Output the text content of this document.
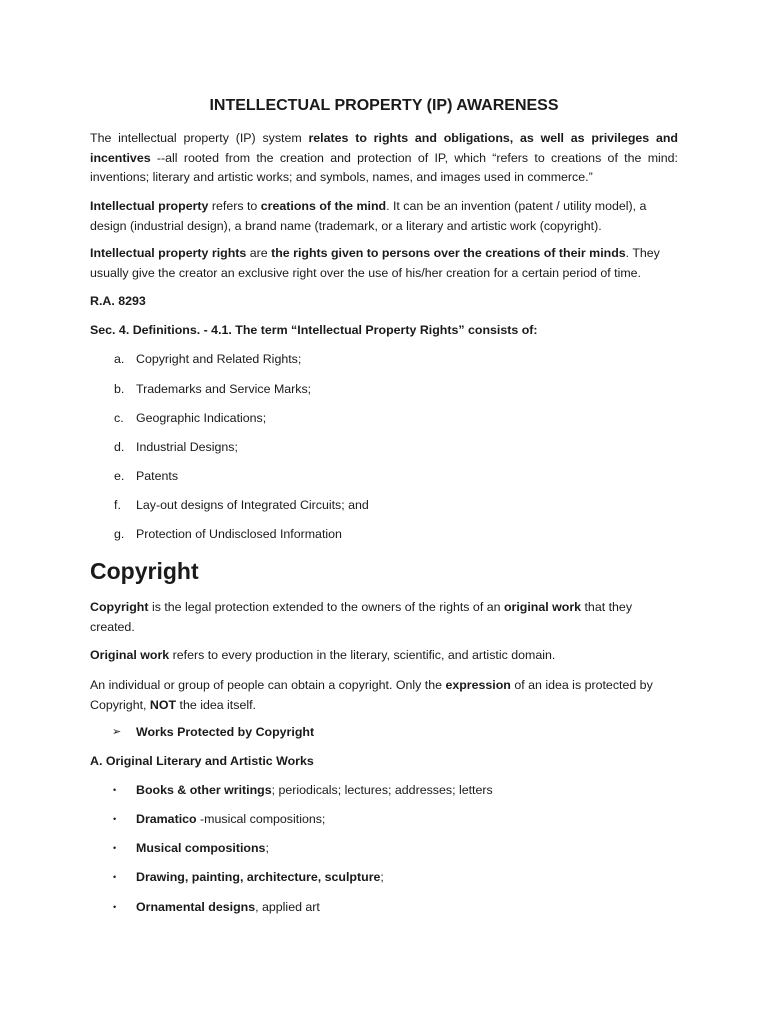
INTELLECTUAL PROPERTY (IP) AWARENESS

The intellectual property (IP) system relates to rights and obligations, as well as privileges and incentives --all rooted from the creation and protection of IP, which “refers to creations of the mind: inventions; literary and artistic works; and symbols, names, and images used in commerce.”

Intellectual property refers to creations of the mind. It can be an invention (patent / utility model), a design (industrial design), a brand name (trademark, or a literary and artistic work (copyright).

Intellectual property rights are the rights given to persons over the creations of their minds. They usually give the creator an exclusive right over the use of his/her creation for a certain period of time.

R.A. 8293

Sec. 4. Definitions. - 4.1. The term “Intellectual Property Rights” consists of:

a. Copyright and Related Rights;
b. Trademarks and Service Marks;
c. Geographic Indications;
d. Industrial Designs;
e. Patents
f. Lay-out designs of Integrated Circuits; and
g. Protection of Undisclosed Information
Copyright

Copyright is the legal protection extended to the owners of the rights of an original work that they created.

Original work refers to every production in the literary, scientific, and artistic domain.

An individual or group of people can obtain a copyright. Only the expression of an idea is protected by Copyright, NOT the idea itself.

➢ Works Protected by Copyright

A. Original Literary and Artistic Works

• Books & other writings; periodicals; lectures; addresses; letters
• Dramatico -musical compositions;
• Musical compositions;
• Drawing, painting, architecture, sculpture;
• Ornamental designs, applied art
